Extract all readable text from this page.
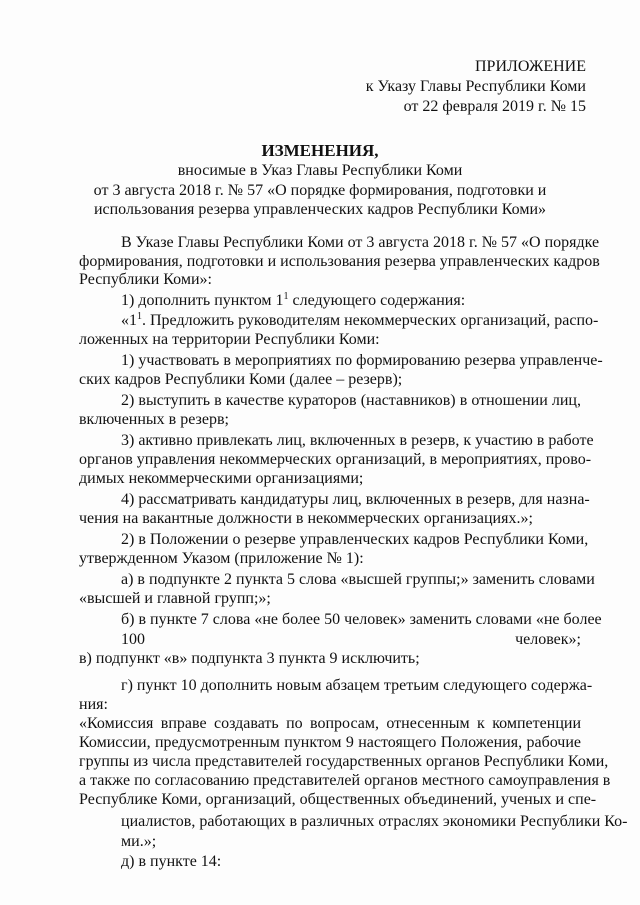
ПРИЛОЖЕНИЕ
к Указу Главы Республики Коми
от 22 февраля 2019 г. № 15
ИЗМЕНЕНИЯ,
вносимые в Указ Главы Республики Коми
от 3 августа 2018 г. № 57 «О порядке формирования, подготовки и
использования резерва управленческих кадров Республики Коми»
В Указе Главы Республики Коми от 3 августа 2018 г. № 57 «О порядке
формирования, подготовки и использования резерва управленческих кадров
Республики Коми»:
1) дополнить пунктом $1^1$ следующего содержания:
«$1^1$. Предложить руководителям некоммерческих организаций, распо-
ложенных на территории Республики Коми:
1) участвовать в мероприятиях по формированию резерва управленче-
ских кадров Республики Коми (далее – резерв);
2) выступить в качестве кураторов (наставников) в отношении лиц,
включенных в резерв;
3) активно привлекать лиц, включенных в резерв, к участию в работе
органов управления некоммерческих организаций, в мероприятиях, прово-
димых некоммерческими организациями;
4) рассматривать кандидатуры лиц, включенных в резерв, для назна-
чения на вакантные должности в некоммерческих организациях.»;
2) в Положении о резерве управленческих кадров Республики Коми,
утвержденном Указом (приложение № 1):
а) в подпункте 2 пункта 5 слова «высшей группы;» заменить словами
«высшей и главной групп;»;
б) в пункте 7 слова «не более 50 человек» заменить словами «не более
100 человек»;
в) подпункт «в» подпункта 3 пункта 9 исключить;
г) пункт 10 дополнить новым абзацем третьим следующего содержа-
ния:
«Комиссия вправе создавать по вопросам, отнесенным к компетенции
Комиссии, предусмотренным пунктом 9 настоящего Положения, рабочие
группы из числа представителей государственных органов Республики Коми,
а также по согласованию представителей органов местного самоуправления в
Республике Коми, организаций, общественных объединений, ученых и спе-
циалистов, работающих в различных отраслях экономики Республики Ко-
ми.»;
д) в пункте 14:
